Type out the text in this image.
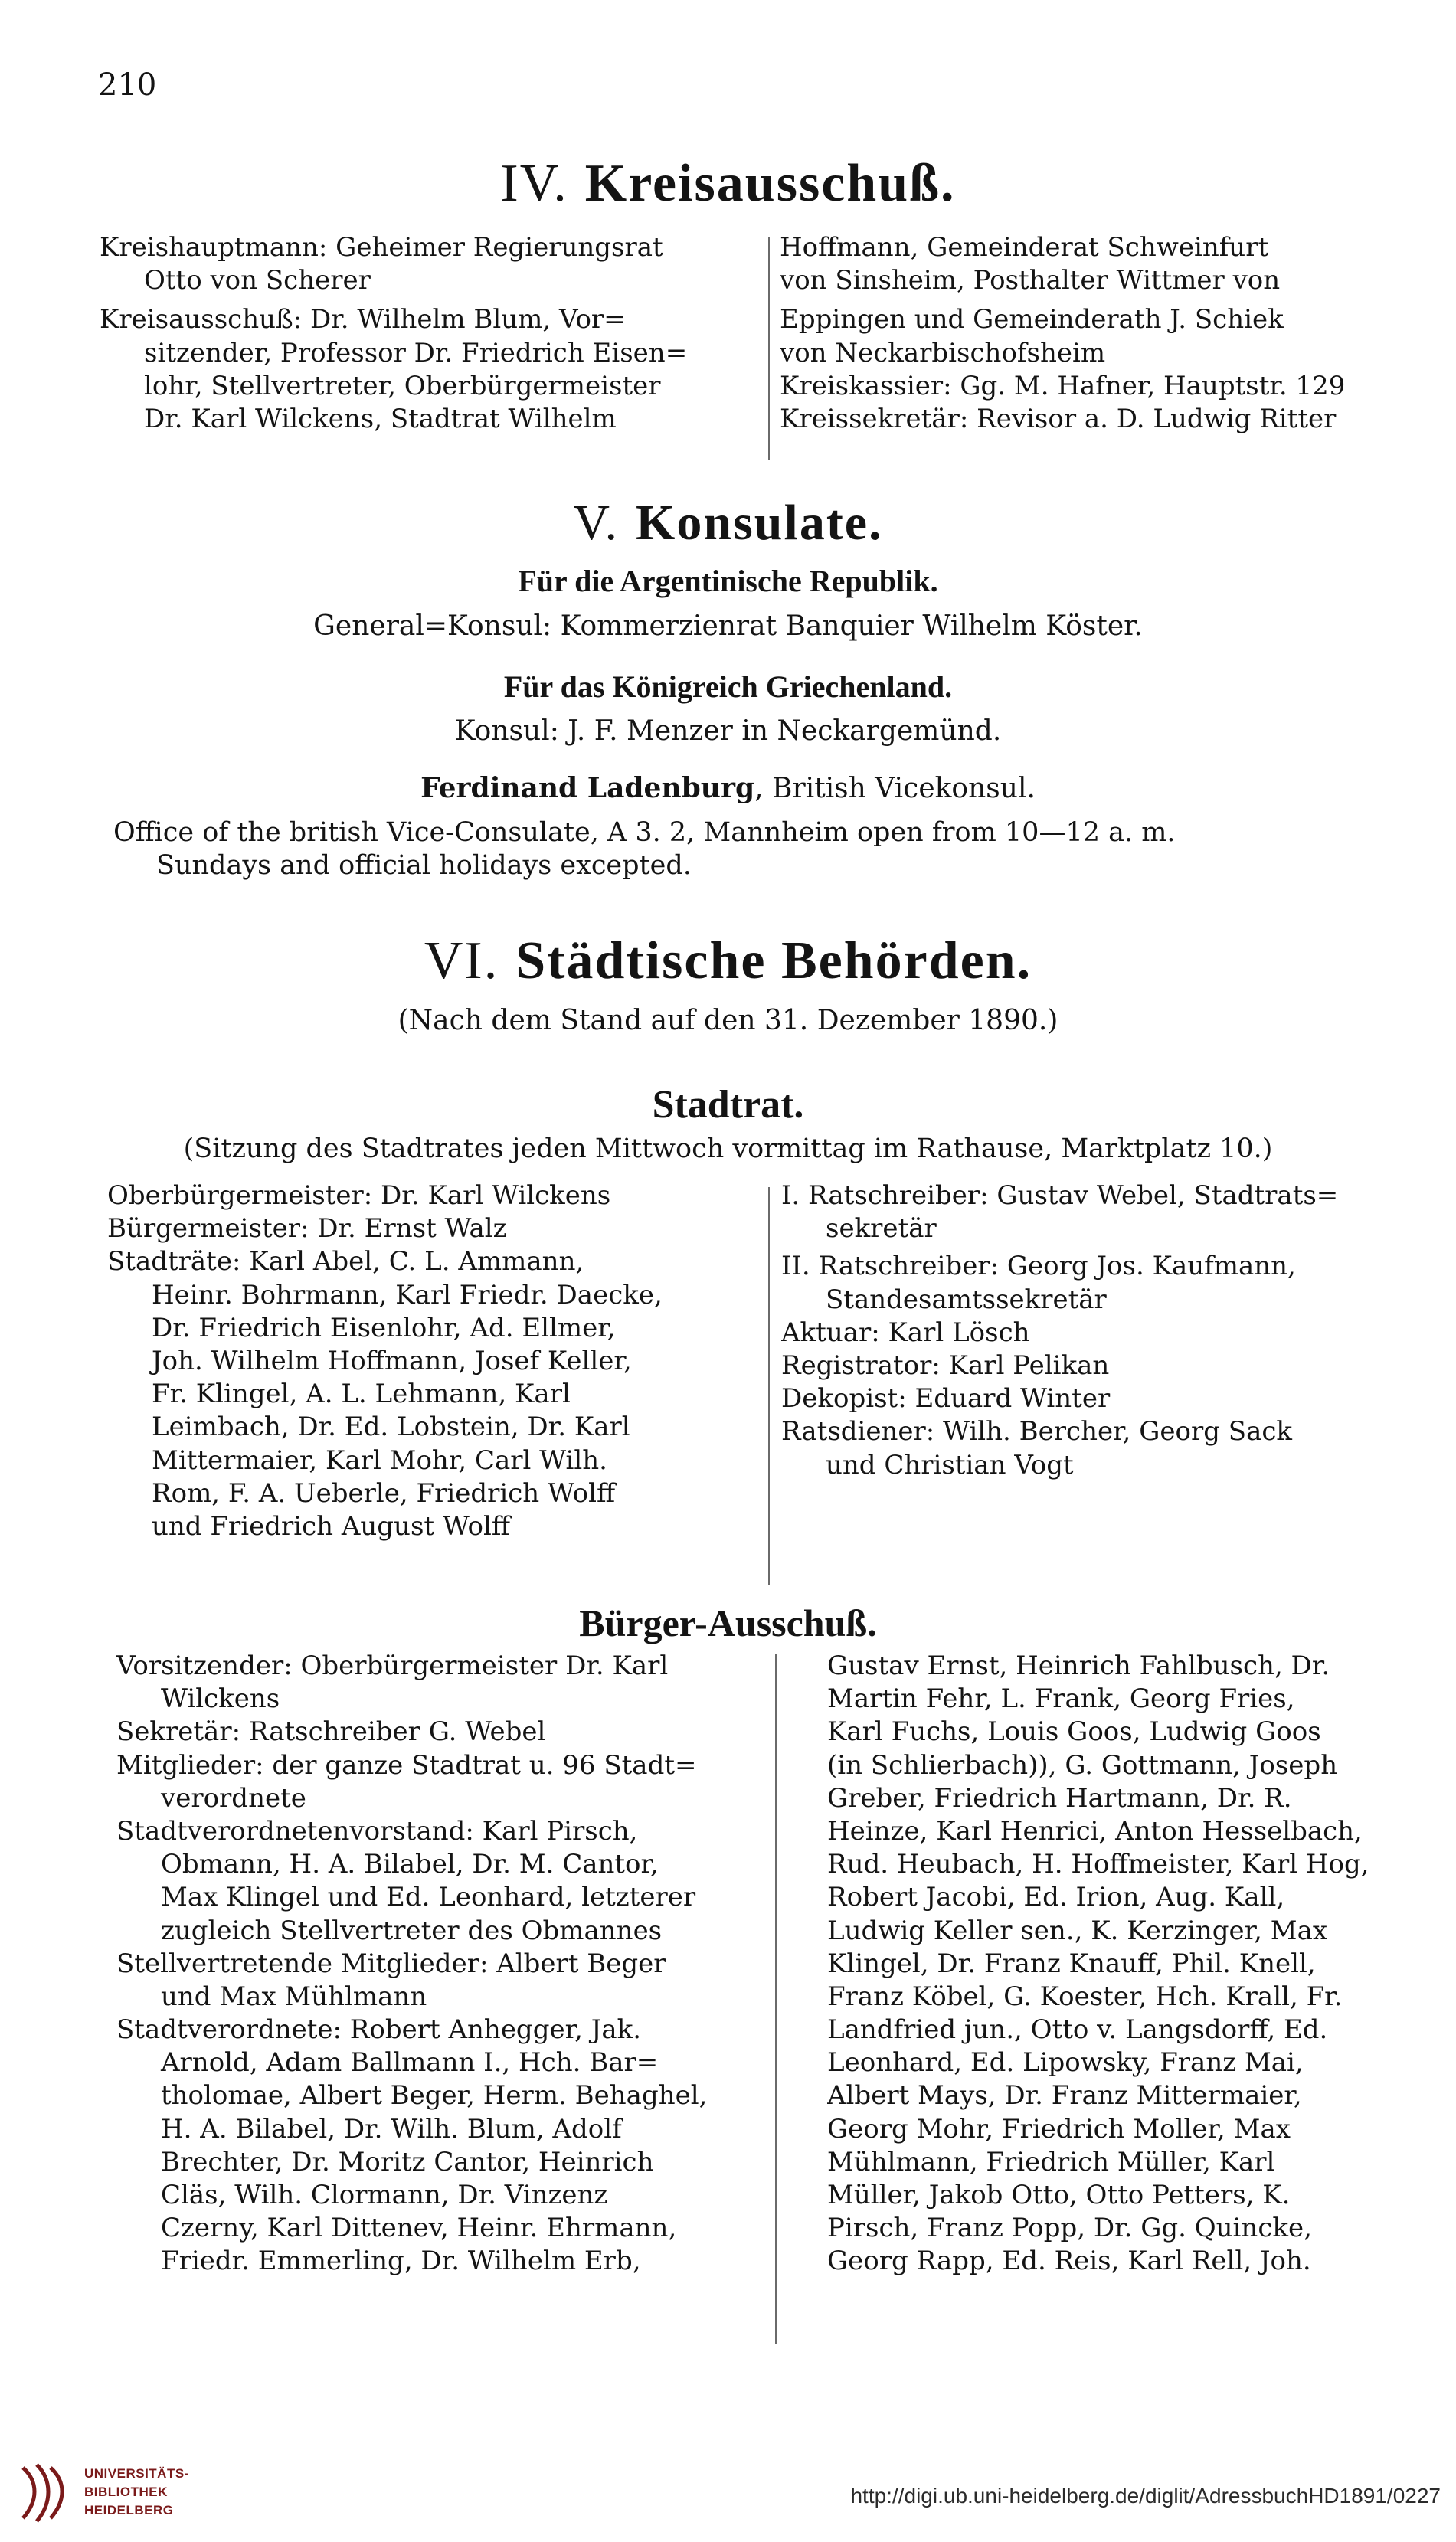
210
IV. Kreisausschuß.
Kreishauptmann: Geheimer Regierungsrat
Otto von Scherer
Kreisausschuß: Dr. Wilhelm Blum, Vor=
sitzender, Professor Dr. Friedrich Eisen=
lohr, Stellvertreter, Oberbürgermeister
Dr. Karl Wilckens, Stadtrat Wilhelm
Hoffmann, Gemeinderat Schweinfurt
von Sinsheim, Posthalter Wittmer von
Eppingen und Gemeinderath J. Schiek
von Neckarbischofsheim
Kreiskassier: Gg. M. Hafner, Hauptstr. 129
Kreissekretär: Revisor a. D. Ludwig Ritter
V. Konsulate.
Für die Argentinische Republik.
General=Konsul: Kommerzienrat Banquier Wilhelm Köster.
Für das Königreich Griechenland.
Konsul: J. F. Menzer in Neckargemünd.
Ferdinand Ladenburg, British Vicekonsul.
Office of the british Vice-Consulate, A 3. 2, Mannheim open from 10—12 a. m.
Sundays and official holidays excepted.
VI. Städtische Behörden.
(Nach dem Stand auf den 31. Dezember 1890.)
Stadtrat.
(Sitzung des Stadtrates jeden Mittwoch vormittag im Rathause, Marktplatz 10.)
Oberbürgermeister: Dr. Karl Wilckens
Bürgermeister: Dr. Ernst Walz
Stadträte: Karl Abel, C. L. Ammann,
Heinr. Bohrmann, Karl Friedr. Daecke,
Dr. Friedrich Eisenlohr, Ad. Ellmer,
Joh. Wilhelm Hoffmann, Josef Keller,
Fr. Klingel, A. L. Lehmann, Karl
Leimbach, Dr. Ed. Lobstein, Dr. Karl
Mittermaier, Karl Mohr, Carl Wilh.
Rom, F. A. Ueberle, Friedrich Wolff
und Friedrich August Wolff
I. Ratschreiber: Gustav Webel, Stadtrats=
sekretär
II. Ratschreiber: Georg Jos. Kaufmann,
Standesamtssekretär
Aktuar: Karl Lösch
Registrator: Karl Pelikan
Dekopist: Eduard Winter
Ratsdiener: Wilh. Bercher, Georg Sack
und Christian Vogt
Bürger-Ausschuß.
Vorsitzender: Oberbürgermeister Dr. Karl
Wilckens
Sekretär: Ratschreiber G. Webel
Mitglieder: der ganze Stadtrat u. 96 Stadt=
verordnete
Stadtverordnetenvorstand: Karl Pirsch,
Obmann, H. A. Bilabel, Dr. M. Cantor,
Max Klingel und Ed. Leonhard, letzterer
zugleich Stellvertreter des Obmannes
Stellvertretende Mitglieder: Albert Beger
und Max Mühlmann
Stadtverordnete: Robert Anhegger, Jak.
Arnold, Adam Ballmann I., Hch. Bar=
tholomae, Albert Beger, Herm. Behaghel,
H. A. Bilabel, Dr. Wilh. Blum, Adolf
Brechter, Dr. Moritz Cantor, Heinrich
Cläs, Wilh. Clormann, Dr. Vinzenz
Czerny, Karl Dittenev, Heinr. Ehrmann,
Friedr. Emmerling, Dr. Wilhelm Erb,
Gustav Ernst, Heinrich Fahlbusch, Dr.
Martin Fehr, L. Frank, Georg Fries,
Karl Fuchs, Louis Goos, Ludwig Goos
(in Schlierbach)), G. Gottmann, Joseph
Greber, Friedrich Hartmann, Dr. R.
Heinze, Karl Henrici, Anton Hesselbach,
Rud. Heubach, H. Hoffmeister, Karl Hog,
Robert Jacobi, Ed. Irion, Aug. Kall,
Ludwig Keller sen., K. Kerzinger, Max
Klingel, Dr. Franz Knauff, Phil. Knell,
Franz Köbel, G. Koester, Hch. Krall, Fr.
Landfried jun., Otto v. Langsdorff, Ed.
Leonhard, Ed. Lipowsky, Franz Mai,
Albert Mays, Dr. Franz Mittermaier,
Georg Mohr, Friedrich Moller, Max
Mühlmann, Friedrich Müller, Karl
Müller, Jakob Otto, Otto Petters, K.
Pirsch, Franz Popp, Dr. Gg. Quincke,
Georg Rapp, Ed. Reis, Karl Rell, Joh.
UNIVERSITÄTS-
BIBLIOTHEK
HEIDELBERG
http://digi.ub.uni-heidelberg.de/diglit/AdressbuchHD1891/0227
